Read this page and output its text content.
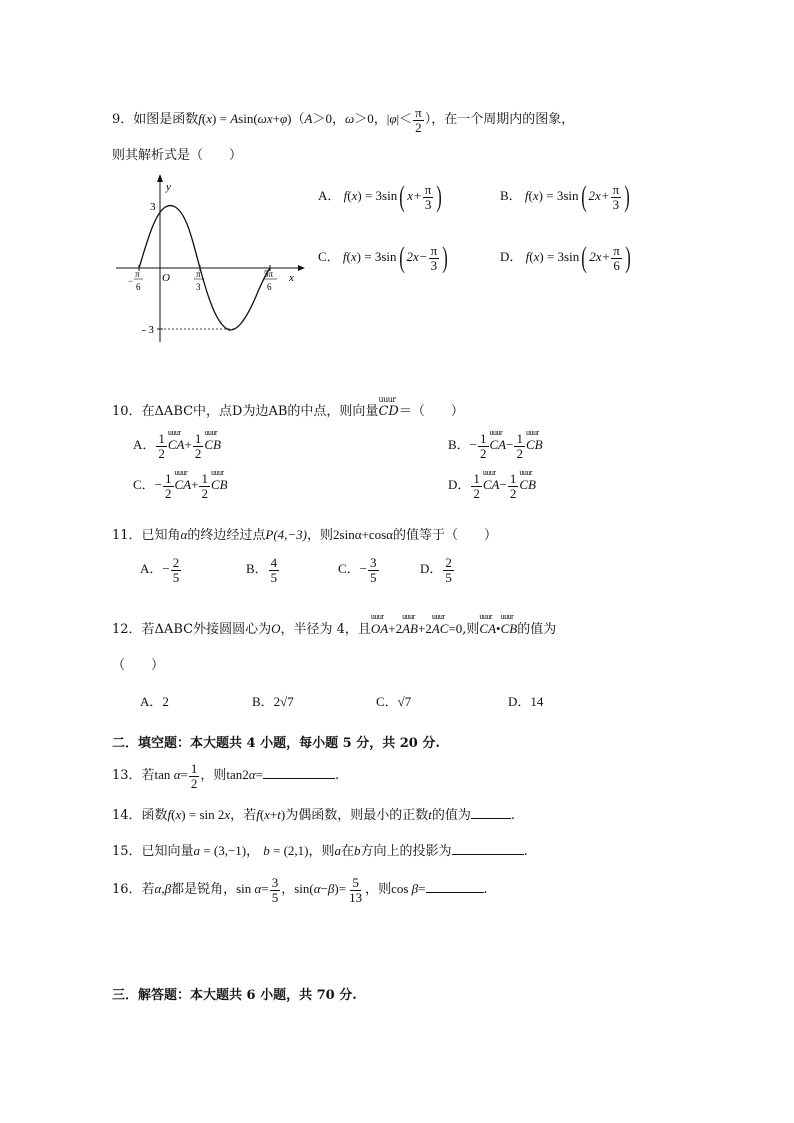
9．如图是函数f(x) = Asin(ωx+φ)（A＞0，ω＞0，$|\varphi|< \frac{\pi}{2}$ ），在一个周期内的图象，
则其解析式是（　　）
y
x
O
3
- 3
−
π
6
π
3
5π
6
A． f(x) = 3sin( $x+ \frac{\pi}{3}$ )	B． f(x) = 3sin( $2x+ \frac{\pi}{3}$ )
C． f(x) = 3sin( $2x- \frac{\pi}{3}$ )	D． f(x) = 3sin( $2x+ \frac{\pi}{6}$ )
10．在ΔABC中，点D为边AB的中点，则向量uuur CD＝（　　）
A． $\frac{1}{2}$ uuur $CA+ \frac{1}{2}$ uuur CB	B．− $\frac{1}{2}$ uuur $CA- \frac{1}{2}$ uuur CB
C．− $\frac{1}{2}$ uuur $CA+ \frac{1}{2}$ uuur CB	D． $\frac{1}{2}$ uuur $CA- \frac{1}{2}$ uuur CB
11．已知角α的终边经过点P(4,−3)，则2sinα+cosα的值等于（　　）
A．− $\frac{2}{5}$	B． $\frac{4}{5}$	C．− $\frac{3}{5}$	D． $\frac{2}{5}$
12．若ΔABC外接圆圆心为O，半径为 4，且uuur OA+2uuur AB+2uuur AC=0,则uuur CA•uuur CB的值为
（　　）
A．2	B．2√7	C．√7	D．14
二．填空题：本大题共 4 小题，每小题 5 分，共 20 分.
13．若$\tan \alpha= \frac{1}{2}$ ，则tan2α=	.
14．函数f(x) = sin 2x，若f(x+t)为偶函数，则最小的正数t的值为	.
15．已知向量a = (3,−1)， b = (2,1)，则a在b方向上的投影为	.
16．若α,β都是锐角，$\sin \alpha= \frac{3}{5}$ ，$\sin(\alpha-\beta)= \frac{5}{13}$ ，则cos β=	.
三．解答题：本大题共 6 小题，共 70 分.
